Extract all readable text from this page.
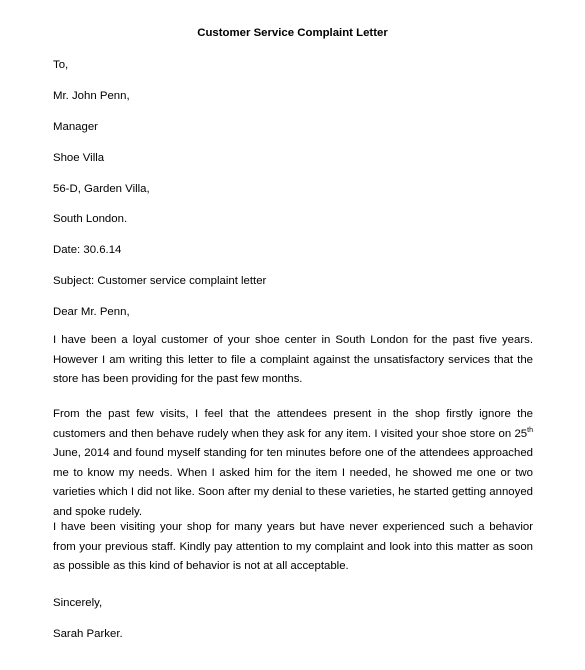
Customer Service Complaint Letter

To,

Mr. John Penn,

Manager

Shoe Villa

56-D, Garden Villa,

South London.

Date: 30.6.14

Subject: Customer service complaint letter

Dear Mr. Penn,

I have been a loyal customer of your shoe center in South London for the past five years. However I am writing this letter to file a complaint against the unsatisfactory services that the store has been providing for the past few months.

From the past few visits, I feel that the attendees present in the shop firstly ignore the customers and then behave rudely when they ask for any item. I visited your shoe store on 25th June, 2014 and found myself standing for ten minutes before one of the attendees approached me to know my needs. When I asked him for the item I needed, he showed me one or two varieties which I did not like. Soon after my denial to these varieties, he started getting annoyed and spoke rudely.

I have been visiting your shop for many years but have never experienced such a behavior from your previous staff. Kindly pay attention to my complaint and look into this matter as soon as possible as this kind of behavior is not at all acceptable.

Sincerely,

Sarah Parker.
